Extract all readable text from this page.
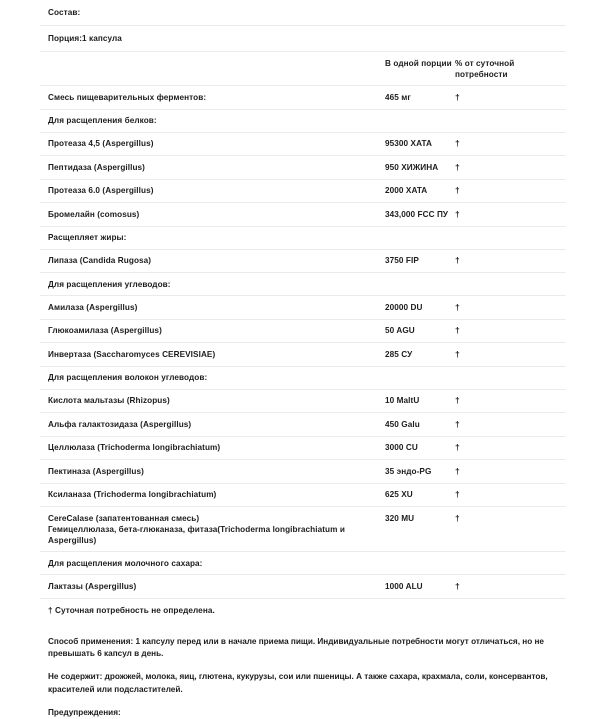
Состав:		
Порция:1 капсула		
	В одной порции	% от суточной потребности
Смесь пищеварительных ферментов:	465 мг	†
Для расщепления белков:		
Протеаза 4,5 (Aspergillus)	95300 XATA	†
Пептидаза (Aspergillus)	950 ХИЖИНА	†
Протеаза 6.0 (Aspergillus)	2000 XATA	†
Бромелайн (comosus)	343,000 FCC ПУ	†
Расщепляет жиры:		
Липаза (Candida Rugosa)	3750 FIP	†
Для расщепления углеводов:		
Амилаза (Aspergillus)	20000 DU	†
Глюкоамилаза (Aspergillus)	50 AGU	†
Инвертаза (Saccharomyces CEREVISIAE)	285 СУ	†
Для расщепления волокон углеводов:		
Кислота мальтазы (Rhizopus)	10 MaltU	†
Альфа галактозидаза (Aspergillus)	450 Galu	†
Целлюлаза (Trichoderma longibrachiatum)	3000 CU	†
Пектиназа (Aspergillus)	35 эндо-PG	†
Ксиланаза (Trichoderma longibrachiatum)	625 XU	†
CereCalase (запатентованная смесь)
Гемицеллюлаза, бета-глюканаза, фитаза(Trichoderma longibrachiatum и Aspergillus)	320 MU	†
Для расщепления молочного сахара:		
Лактазы (Aspergillus)	1000 ALU	†
† Суточная потребность не определена.		

Способ применения: 1 капсулу перед или в начале приема пищи. Индивидуальные потребности могут отличаться, но не превышать 6 капсул в день.

Не содержит: дрожжей, молока, яиц, глютена, кукурузы, сои или пшеницы. А также сахара, крахмала, соли, консервантов, красителей или подсластителей.

Предупреждения:
